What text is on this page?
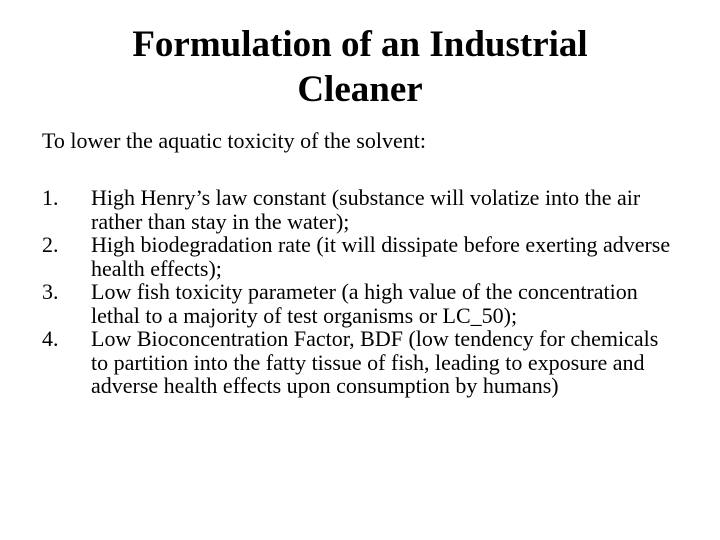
Formulation of an Industrial
Cleaner
To lower the aquatic toxicity of the solvent:
1.	High Henry’s law constant (substance will volatize into the air rather than stay in the water);
2.	High biodegradation rate (it will dissipate before exerting adverse health effects);
3.	Low fish toxicity parameter (a high value of the concentration lethal to a majority of test organisms or LC_50);
4.	Low Bioconcentration Factor, BDF (low tendency for chemicals to partition into the fatty tissue of fish, leading to exposure and adverse health effects upon consumption by humans)
